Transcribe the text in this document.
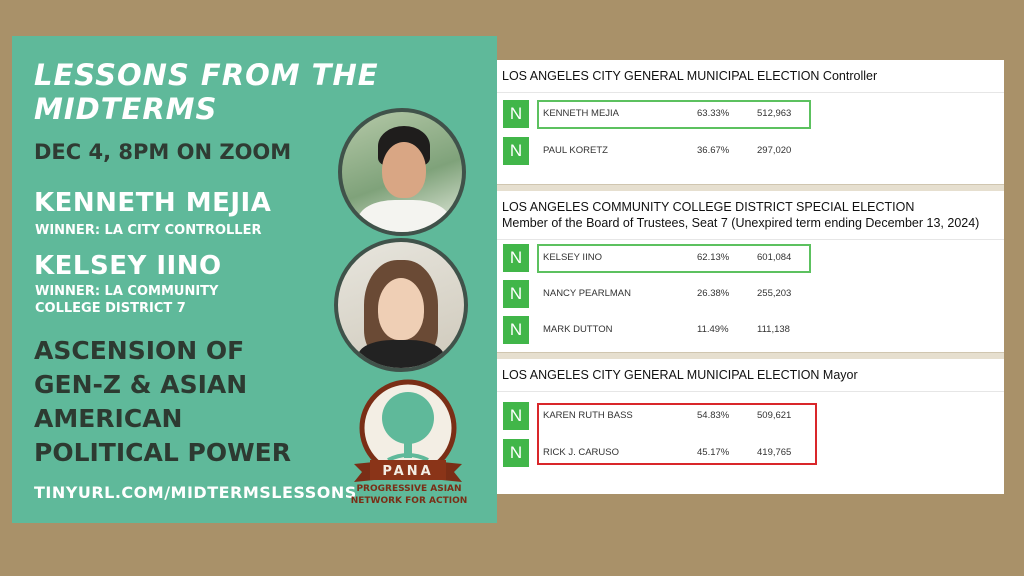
LESSONS FROM THE
MIDTERMS
DEC 4, 8PM ON ZOOM
KENNETH MEJIA
WINNER: LA CITY CONTROLLER
KELSEY IINO
WINNER: LA COMMUNITY
COLLEGE DISTRICT 7
ASCENSION OF
GEN-Z & ASIAN
AMERICAN
POLITICAL POWER
TINYURL.COM/MIDTERMSLESSONS
PANA
PROGRESSIVE ASIAN
NETWORK FOR ACTION
LOS ANGELES CITY GENERAL MUNICIPAL ELECTION Controller
N	KENNETH MEJIA	63.33%	512,963
N	PAUL KORETZ	36.67%	297,020
LOS ANGELES COMMUNITY COLLEGE DISTRICT SPECIAL ELECTION
Member of the Board of Trustees, Seat 7 (Unexpired term ending December 13, 2024)
N	KELSEY IINO	62.13%	601,084
N	NANCY PEARLMAN	26.38%	255,203
N	MARK DUTTON	11.49%	111,138
LOS ANGELES CITY GENERAL MUNICIPAL ELECTION Mayor
N	KAREN RUTH BASS	54.83%	509,621
N	RICK J. CARUSO	45.17%	419,765
